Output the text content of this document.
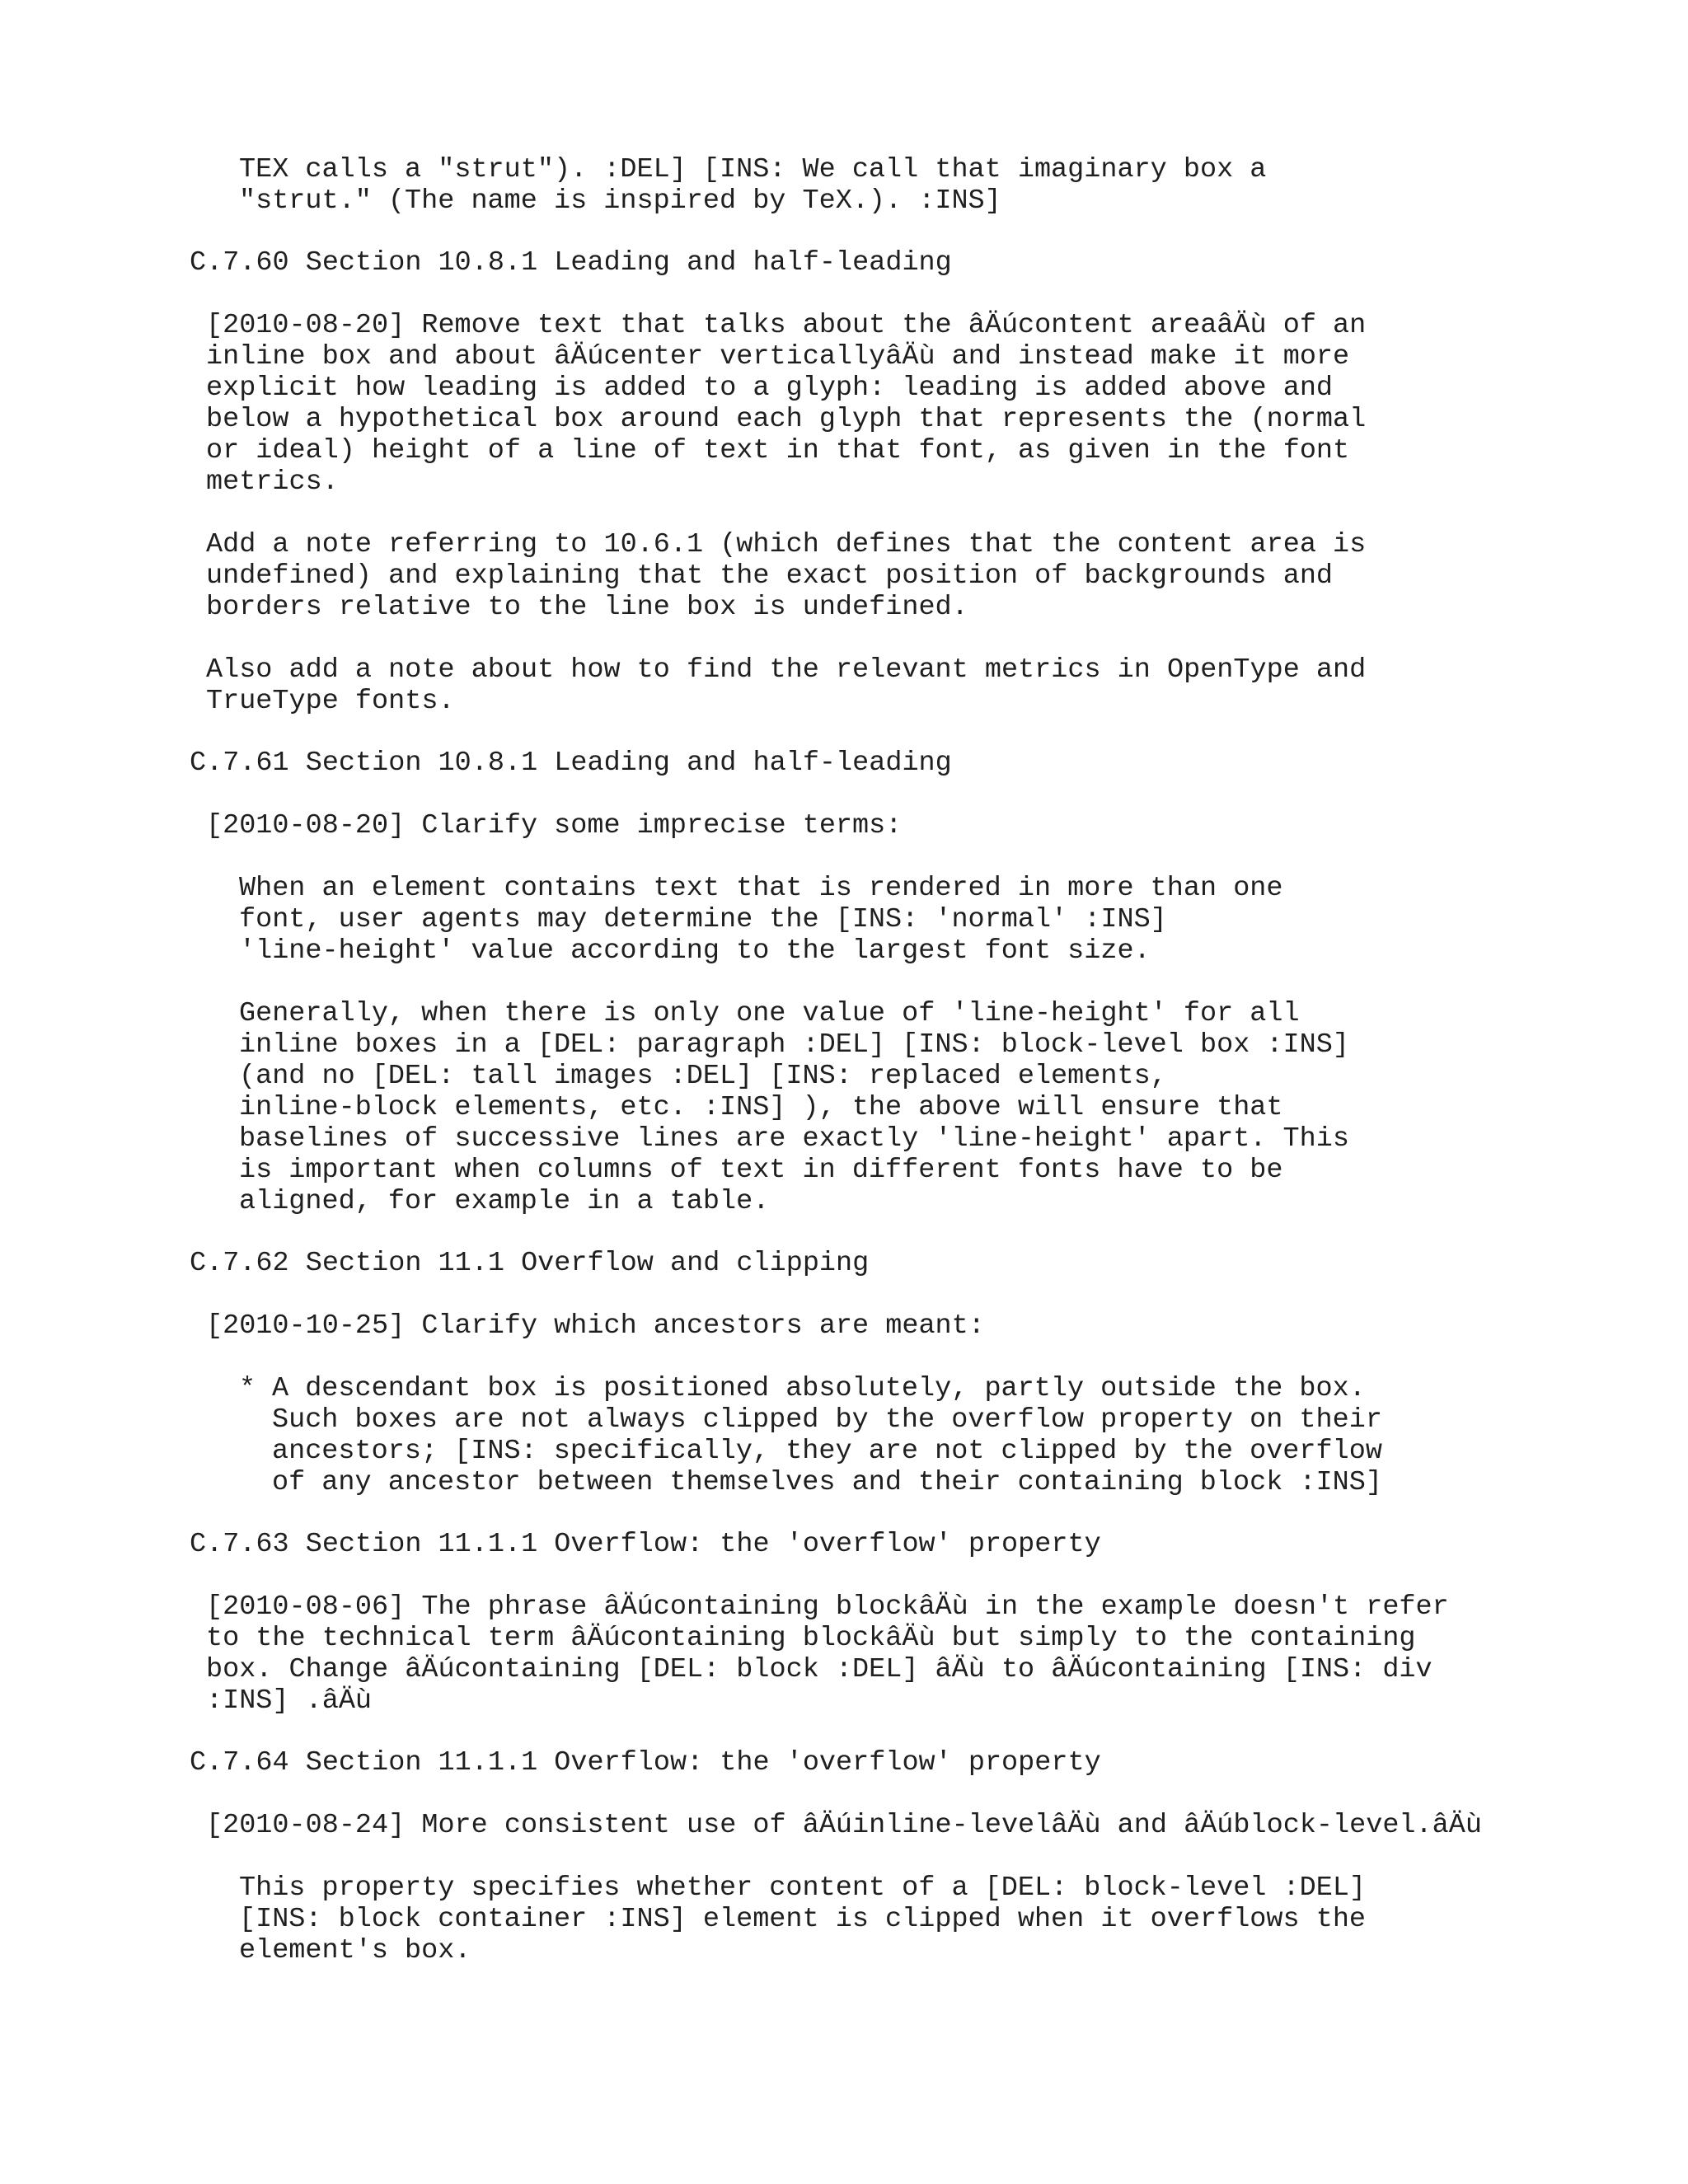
TEX calls a "strut"). :DEL] [INS: We call that imaginary box a
"strut." (The name is inspired by TeX.). :INS]
C.7.60 Section 10.8.1 Leading and half-leading
[2010-08-20] Remove text that talks about the âÄúcontent areaâÄù of an
inline box and about âÄúcenter verticallyâÄù and instead make it more
explicit how leading is added to a glyph: leading is added above and
below a hypothetical box around each glyph that represents the (normal
or ideal) height of a line of text in that font, as given in the font
metrics.
Add a note referring to 10.6.1 (which defines that the content area is
undefined) and explaining that the exact position of backgrounds and
borders relative to the line box is undefined.
Also add a note about how to find the relevant metrics in OpenType and
TrueType fonts.
C.7.61 Section 10.8.1 Leading and half-leading
[2010-08-20] Clarify some imprecise terms:
When an element contains text that is rendered in more than one
font, user agents may determine the [INS: 'normal' :INS]
'line-height' value according to the largest font size.
Generally, when there is only one value of 'line-height' for all
inline boxes in a [DEL: paragraph :DEL] [INS: block-level box :INS]
(and no [DEL: tall images :DEL] [INS: replaced elements,
inline-block elements, etc. :INS] ), the above will ensure that
baselines of successive lines are exactly 'line-height' apart. This
is important when columns of text in different fonts have to be
aligned, for example in a table.
C.7.62 Section 11.1 Overflow and clipping
[2010-10-25] Clarify which ancestors are meant:
* A descendant box is positioned absolutely, partly outside the box.
Such boxes are not always clipped by the overflow property on their
ancestors; [INS: specifically, they are not clipped by the overflow
of any ancestor between themselves and their containing block :INS]
C.7.63 Section 11.1.1 Overflow: the 'overflow' property
[2010-08-06] The phrase âÄúcontaining blockâÄù in the example doesn't refer
to the technical term âÄúcontaining blockâÄù but simply to the containing
box. Change âÄúcontaining [DEL: block :DEL] âÄù to âÄúcontaining [INS: div
:INS] .âÄù
C.7.64 Section 11.1.1 Overflow: the 'overflow' property
[2010-08-24] More consistent use of âÄúinline-levelâÄù and âÄúblock-level.âÄù
This property specifies whether content of a [DEL: block-level :DEL]
[INS: block container :INS] element is clipped when it overflows the
element's box.
